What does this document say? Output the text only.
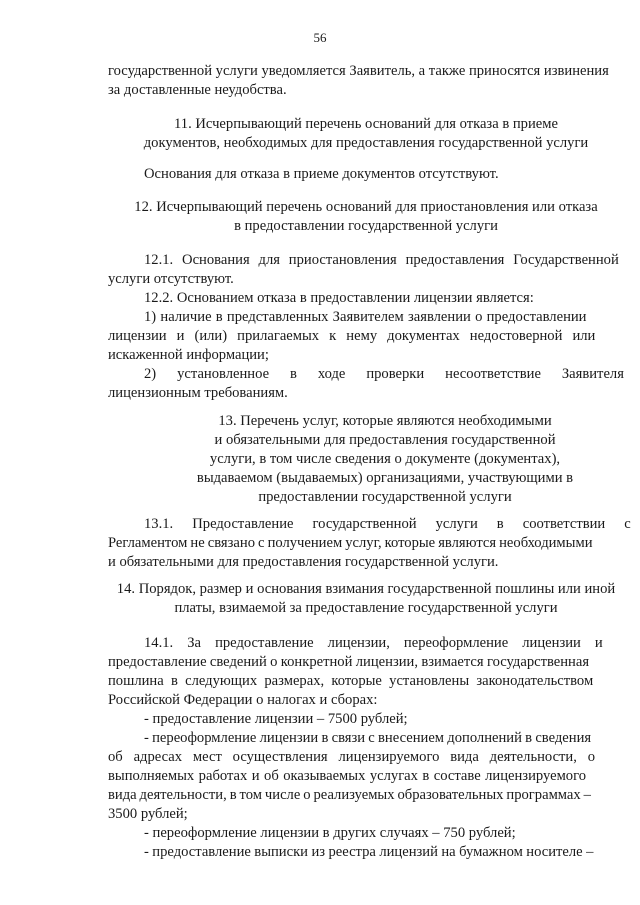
56
государственной услуги уведомляется Заявитель, а также приносятся извинения
за доставленные неудобства.
11. Исчерпывающий перечень оснований для отказа в приеме
документов, необходимых для предоставления государственной услуги
Основания для отказа в приеме документов отсутствуют.
12. Исчерпывающий перечень оснований для приостановления или отказа
в предоставлении государственной услуги
12.1. Основания для приостановления предоставления Государственной
услуги отсутствуют.
12.2. Основанием отказа в предоставлении лицензии является:
1) наличие в представленных Заявителем заявлении о предоставлении
лицензии и (или) прилагаемых к нему документах недостоверной или
искаженной информации;
2) установленное в ходе проверки несоответствие Заявителя
лицензионным требованиям.
13. Перечень услуг, которые являются необходимыми
и обязательными для предоставления государственной
услуги, в том числе сведения о документе (документах),
выдаваемом (выдаваемых) организациями, участвующими в
предоставлении государственной услуги
13.1. Предоставление государственной услуги в соответствии с
Регламентом не связано с получением услуг, которые являются необходимыми
и обязательными для предоставления государственной услуги.
14. Порядок, размер и основания взимания государственной пошлины или иной
платы, взимаемой за предоставление государственной услуги
14.1. За предоставление лицензии, переоформление лицензии и
предоставление сведений о конкретной лицензии, взимается государственная
пошлина в следующих размерах, которые установлены законодательством
Российской Федерации о налогах и сборах:
- предоставление лицензии – 7500 рублей;
- переоформление лицензии в связи с внесением дополнений в сведения
об адресах мест осуществления лицензируемого вида деятельности, о
выполняемых работах и об оказываемых услугах в составе лицензируемого
вида деятельности, в том числе о реализуемых образовательных программах –
3500 рублей;
- переоформление лицензии в других случаях – 750 рублей;
- предоставление выписки из реестра лицензий на бумажном носителе –
